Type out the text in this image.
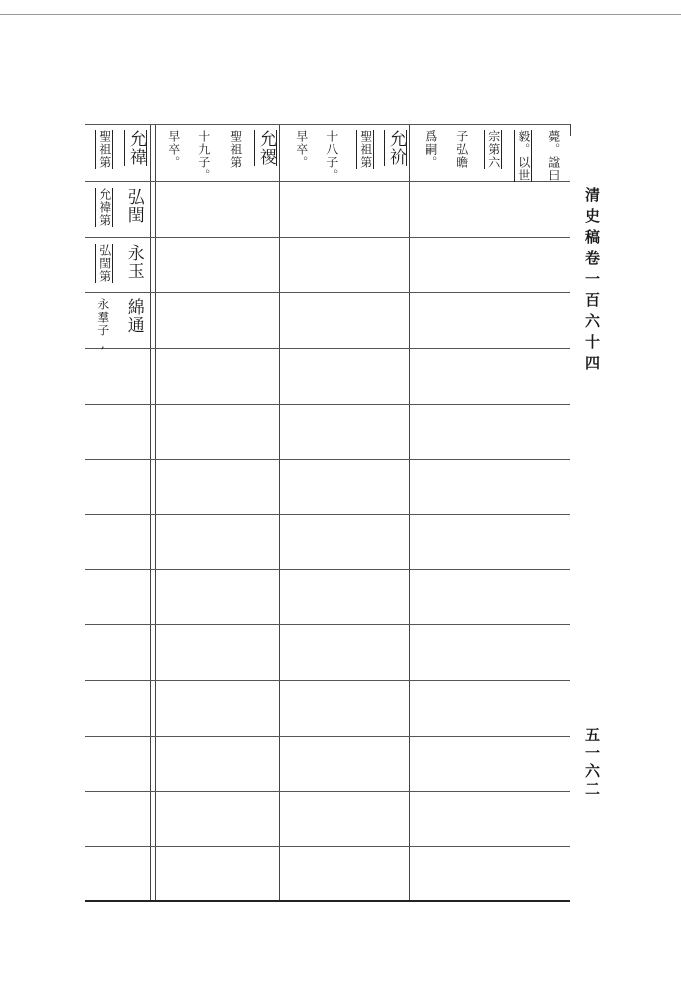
清史稿卷一百六十四
五一六二
允禕
聖祖第
弘閏
允禕第
永玉
弘閏第
綿通
永羣子,
允禝
聖祖第
十九子。
早卒。	允祄
聖祖第
十八子。
早卒。	薨。諡曰
毅。以世
宗第六
子弘曕
爲嗣。
